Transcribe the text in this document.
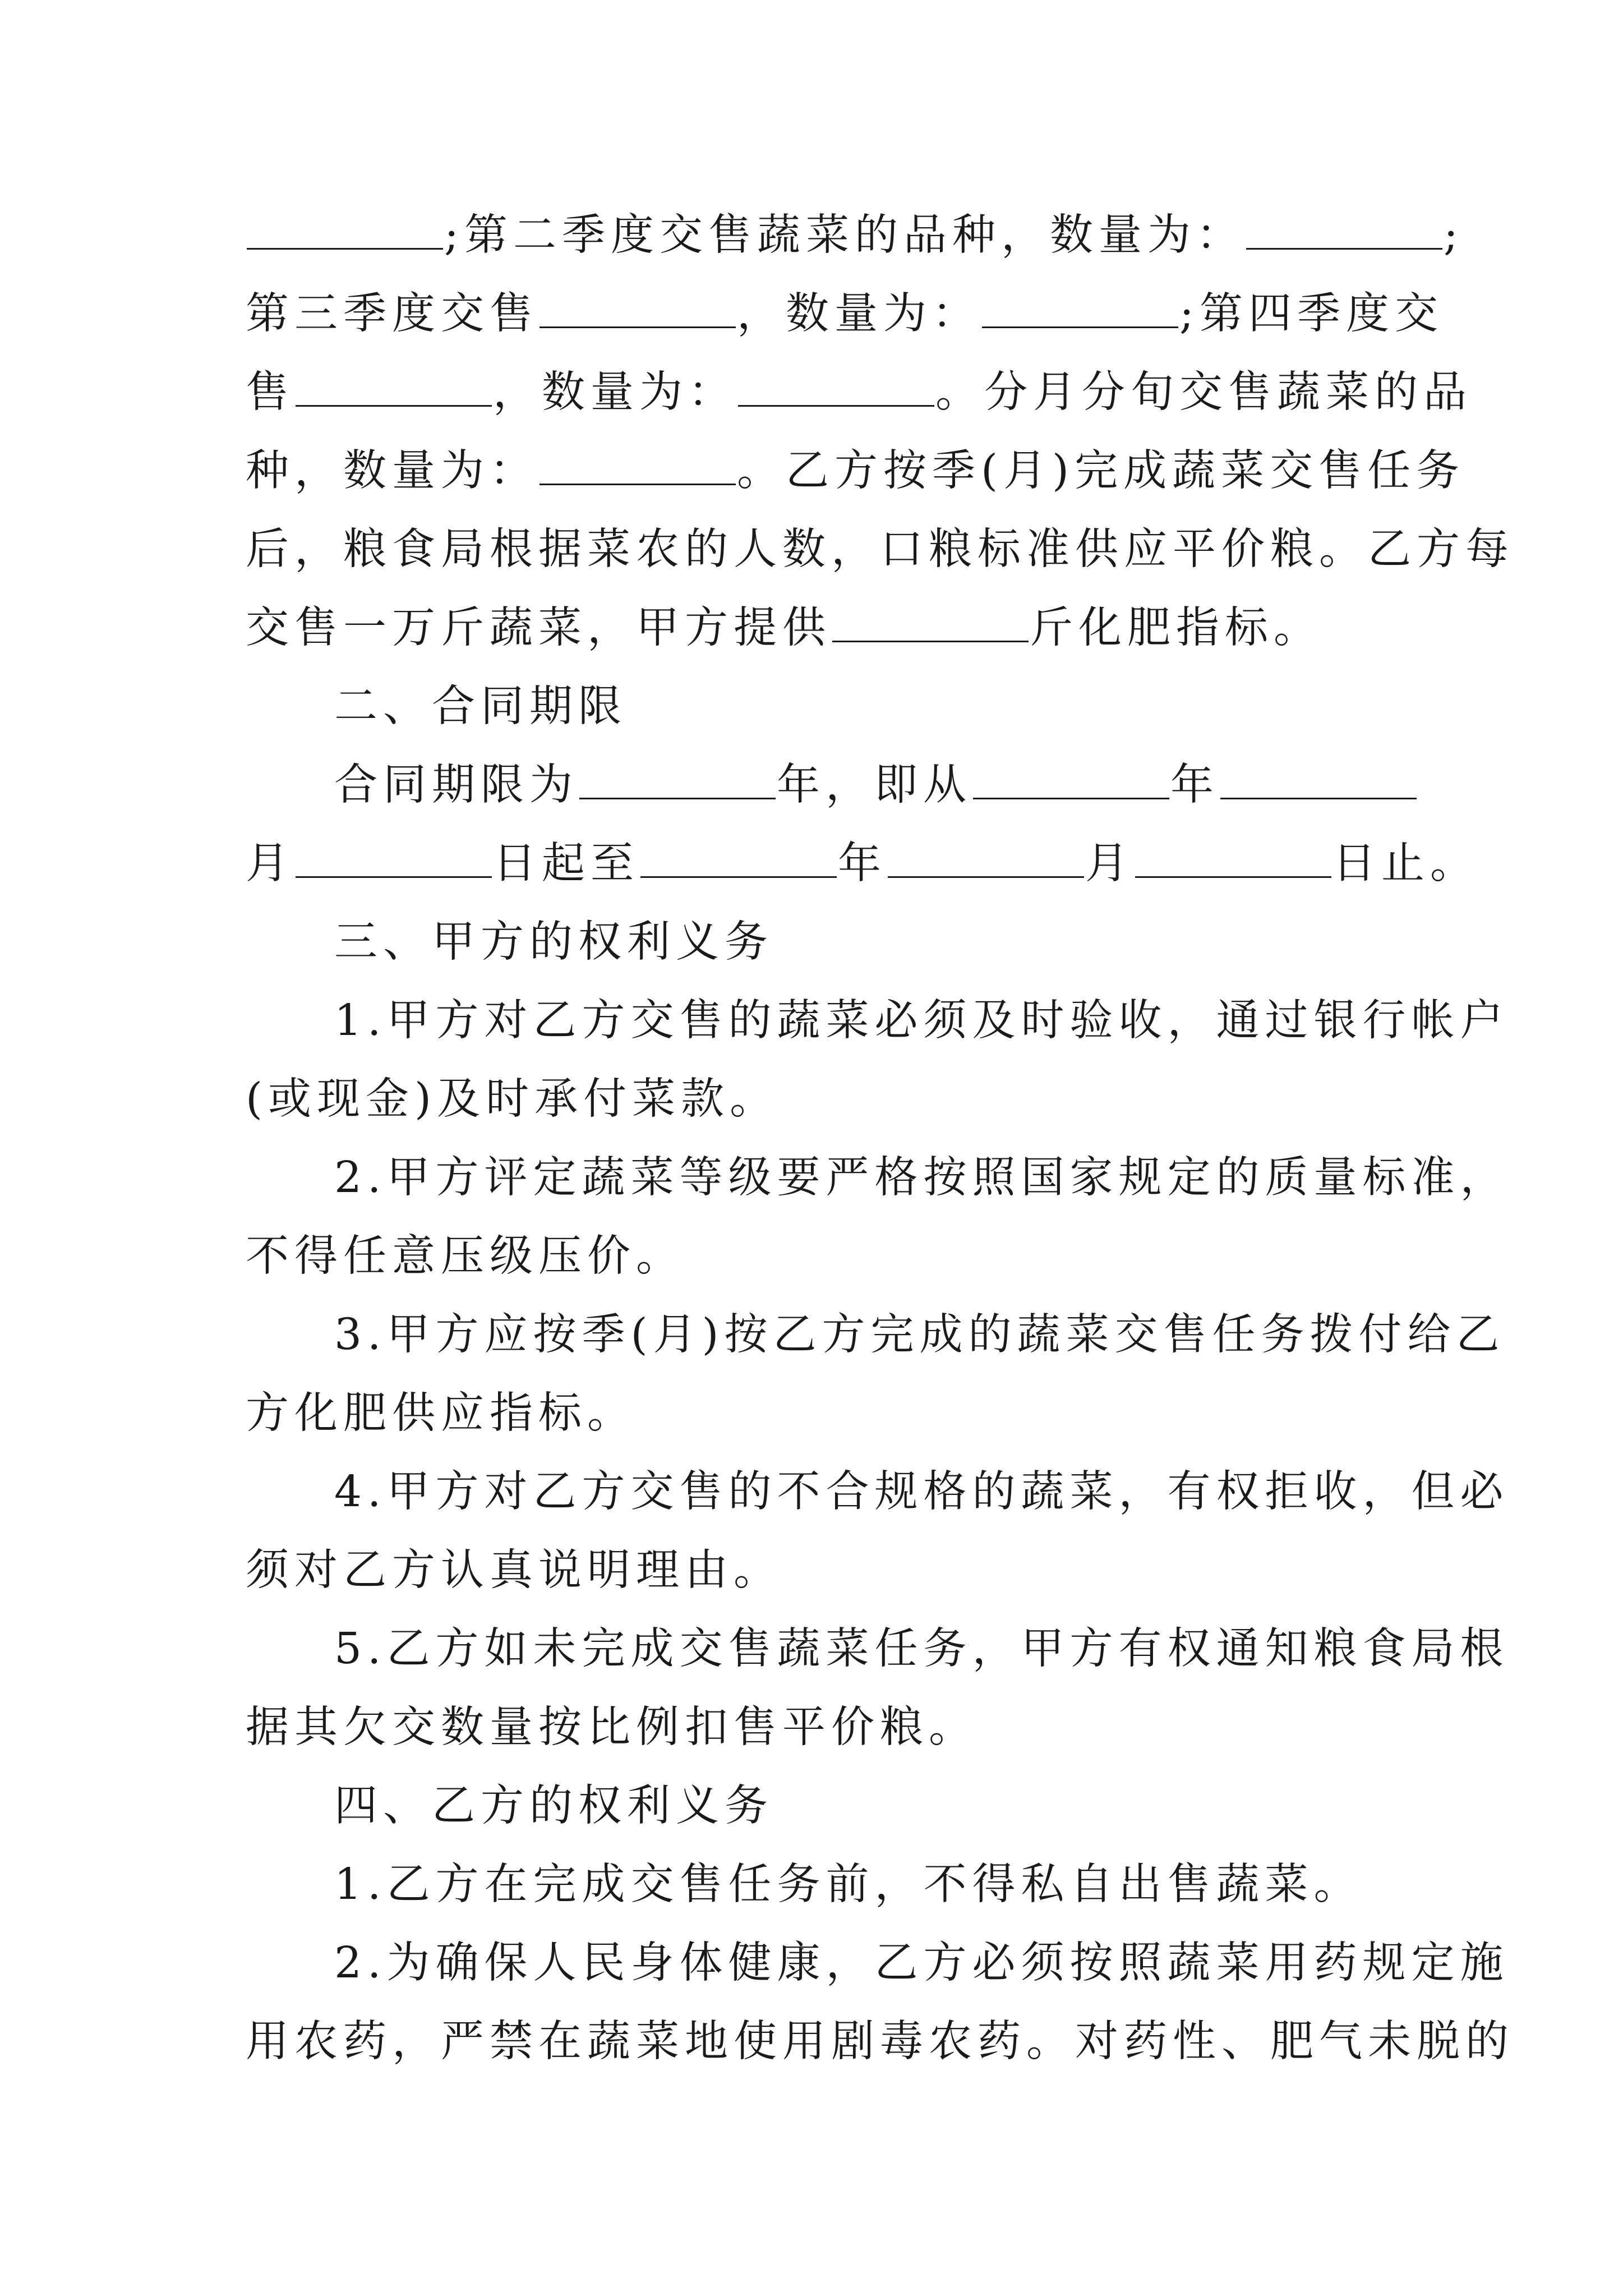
;第二季度交售蔬菜的品种，数量为：	;
第三季度交售	，数量为：	;第四季度交
售	，数量为：	。分月分旬交售蔬菜的品
种，数量为：	。乙方按季(月)完成蔬菜交售任务
后，粮食局根据菜农的人数，口粮标准供应平价粮。乙方每
交售一万斤蔬菜，甲方提供	斤化肥指标。
二、合同期限
合同期限为	年，即从	年
月	日起至	年	月	日止。
三、甲方的权利义务
1.甲方对乙方交售的蔬菜必须及时验收，通过银行帐户
(或现金)及时承付菜款。
2.甲方评定蔬菜等级要严格按照国家规定的质量标准，
不得任意压级压价。
3.甲方应按季(月)按乙方完成的蔬菜交售任务拨付给乙
方化肥供应指标。
4.甲方对乙方交售的不合规格的蔬菜，有权拒收，但必
须对乙方认真说明理由。
5.乙方如未完成交售蔬菜任务，甲方有权通知粮食局根
据其欠交数量按比例扣售平价粮。
四、乙方的权利义务
1.乙方在完成交售任务前，不得私自出售蔬菜。
2.为确保人民身体健康，乙方必须按照蔬菜用药规定施
用农药，严禁在蔬菜地使用剧毒农药。对药性、肥气未脱的
